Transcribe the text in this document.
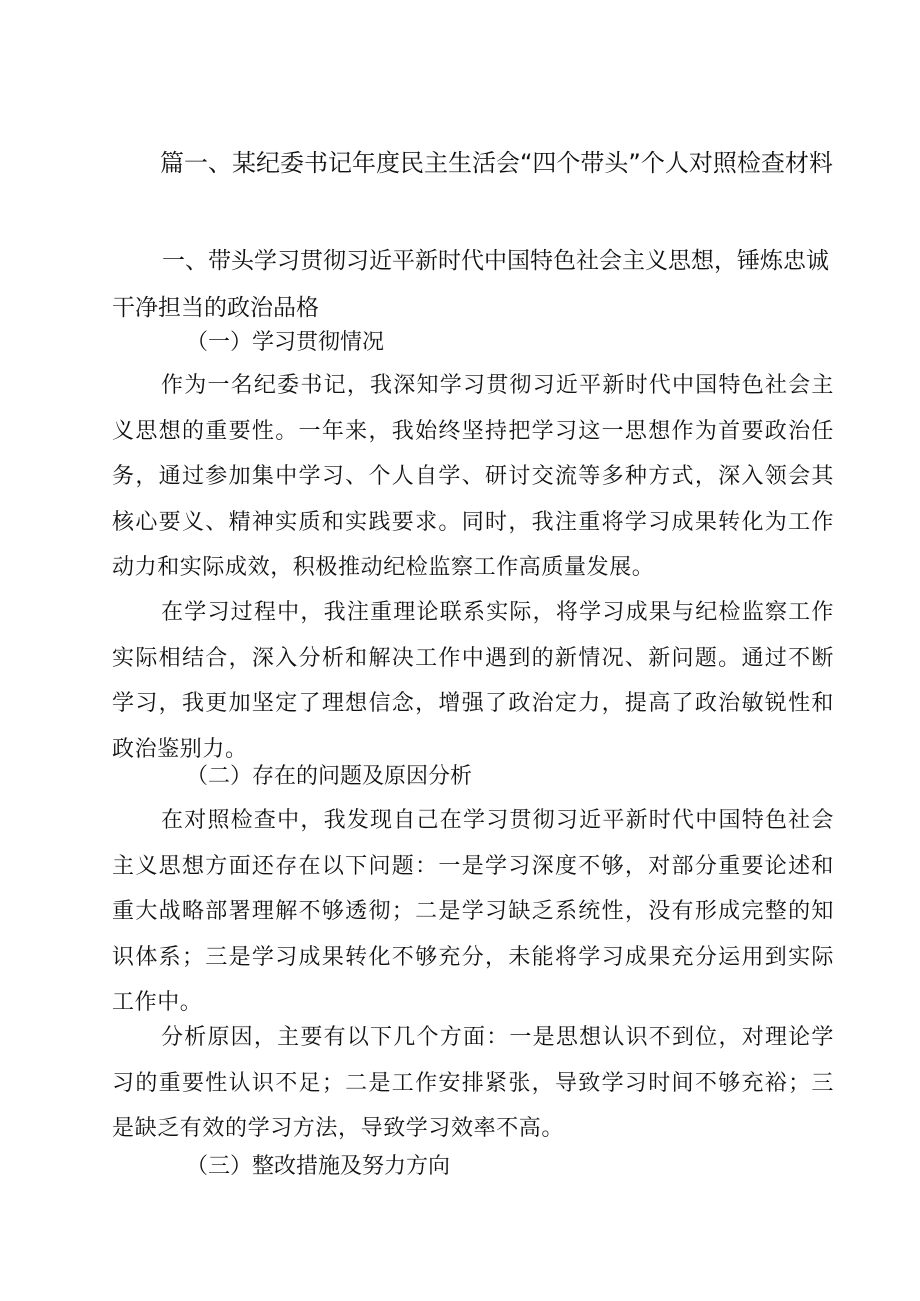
篇一、某纪委书记年度民主生活会“四个带头”个人对照检查材料
一、带头学习贯彻习近平新时代中国特色社会主义思想，锤炼忠诚干净担当的政治品格
（一）学习贯彻情况
作为一名纪委书记，我深知学习贯彻习近平新时代中国特色社会主义思想的重要性。一年来，我始终坚持把学习这一思想作为首要政治任务，通过参加集中学习、个人自学、研讨交流等多种方式，深入领会其核心要义、精神实质和实践要求。同时，我注重将学习成果转化为工作动力和实际成效，积极推动纪检监察工作高质量发展。
在学习过程中，我注重理论联系实际，将学习成果与纪检监察工作实际相结合，深入分析和解决工作中遇到的新情况、新问题。通过不断学习，我更加坚定了理想信念，增强了政治定力，提高了政治敏锐性和政治鉴别力。
（二）存在的问题及原因分析
在对照检查中，我发现自己在学习贯彻习近平新时代中国特色社会主义思想方面还存在以下问题：一是学习深度不够，对部分重要论述和重大战略部署理解不够透彻；二是学习缺乏系统性，没有形成完整的知识体系；三是学习成果转化不够充分，未能将学习成果充分运用到实际工作中。
分析原因，主要有以下几个方面：一是思想认识不到位，对理论学习的重要性认识不足；二是工作安排紧张，导致学习时间不够充裕；三是缺乏有效的学习方法，导致学习效率不高。
（三）整改措施及努力方向
